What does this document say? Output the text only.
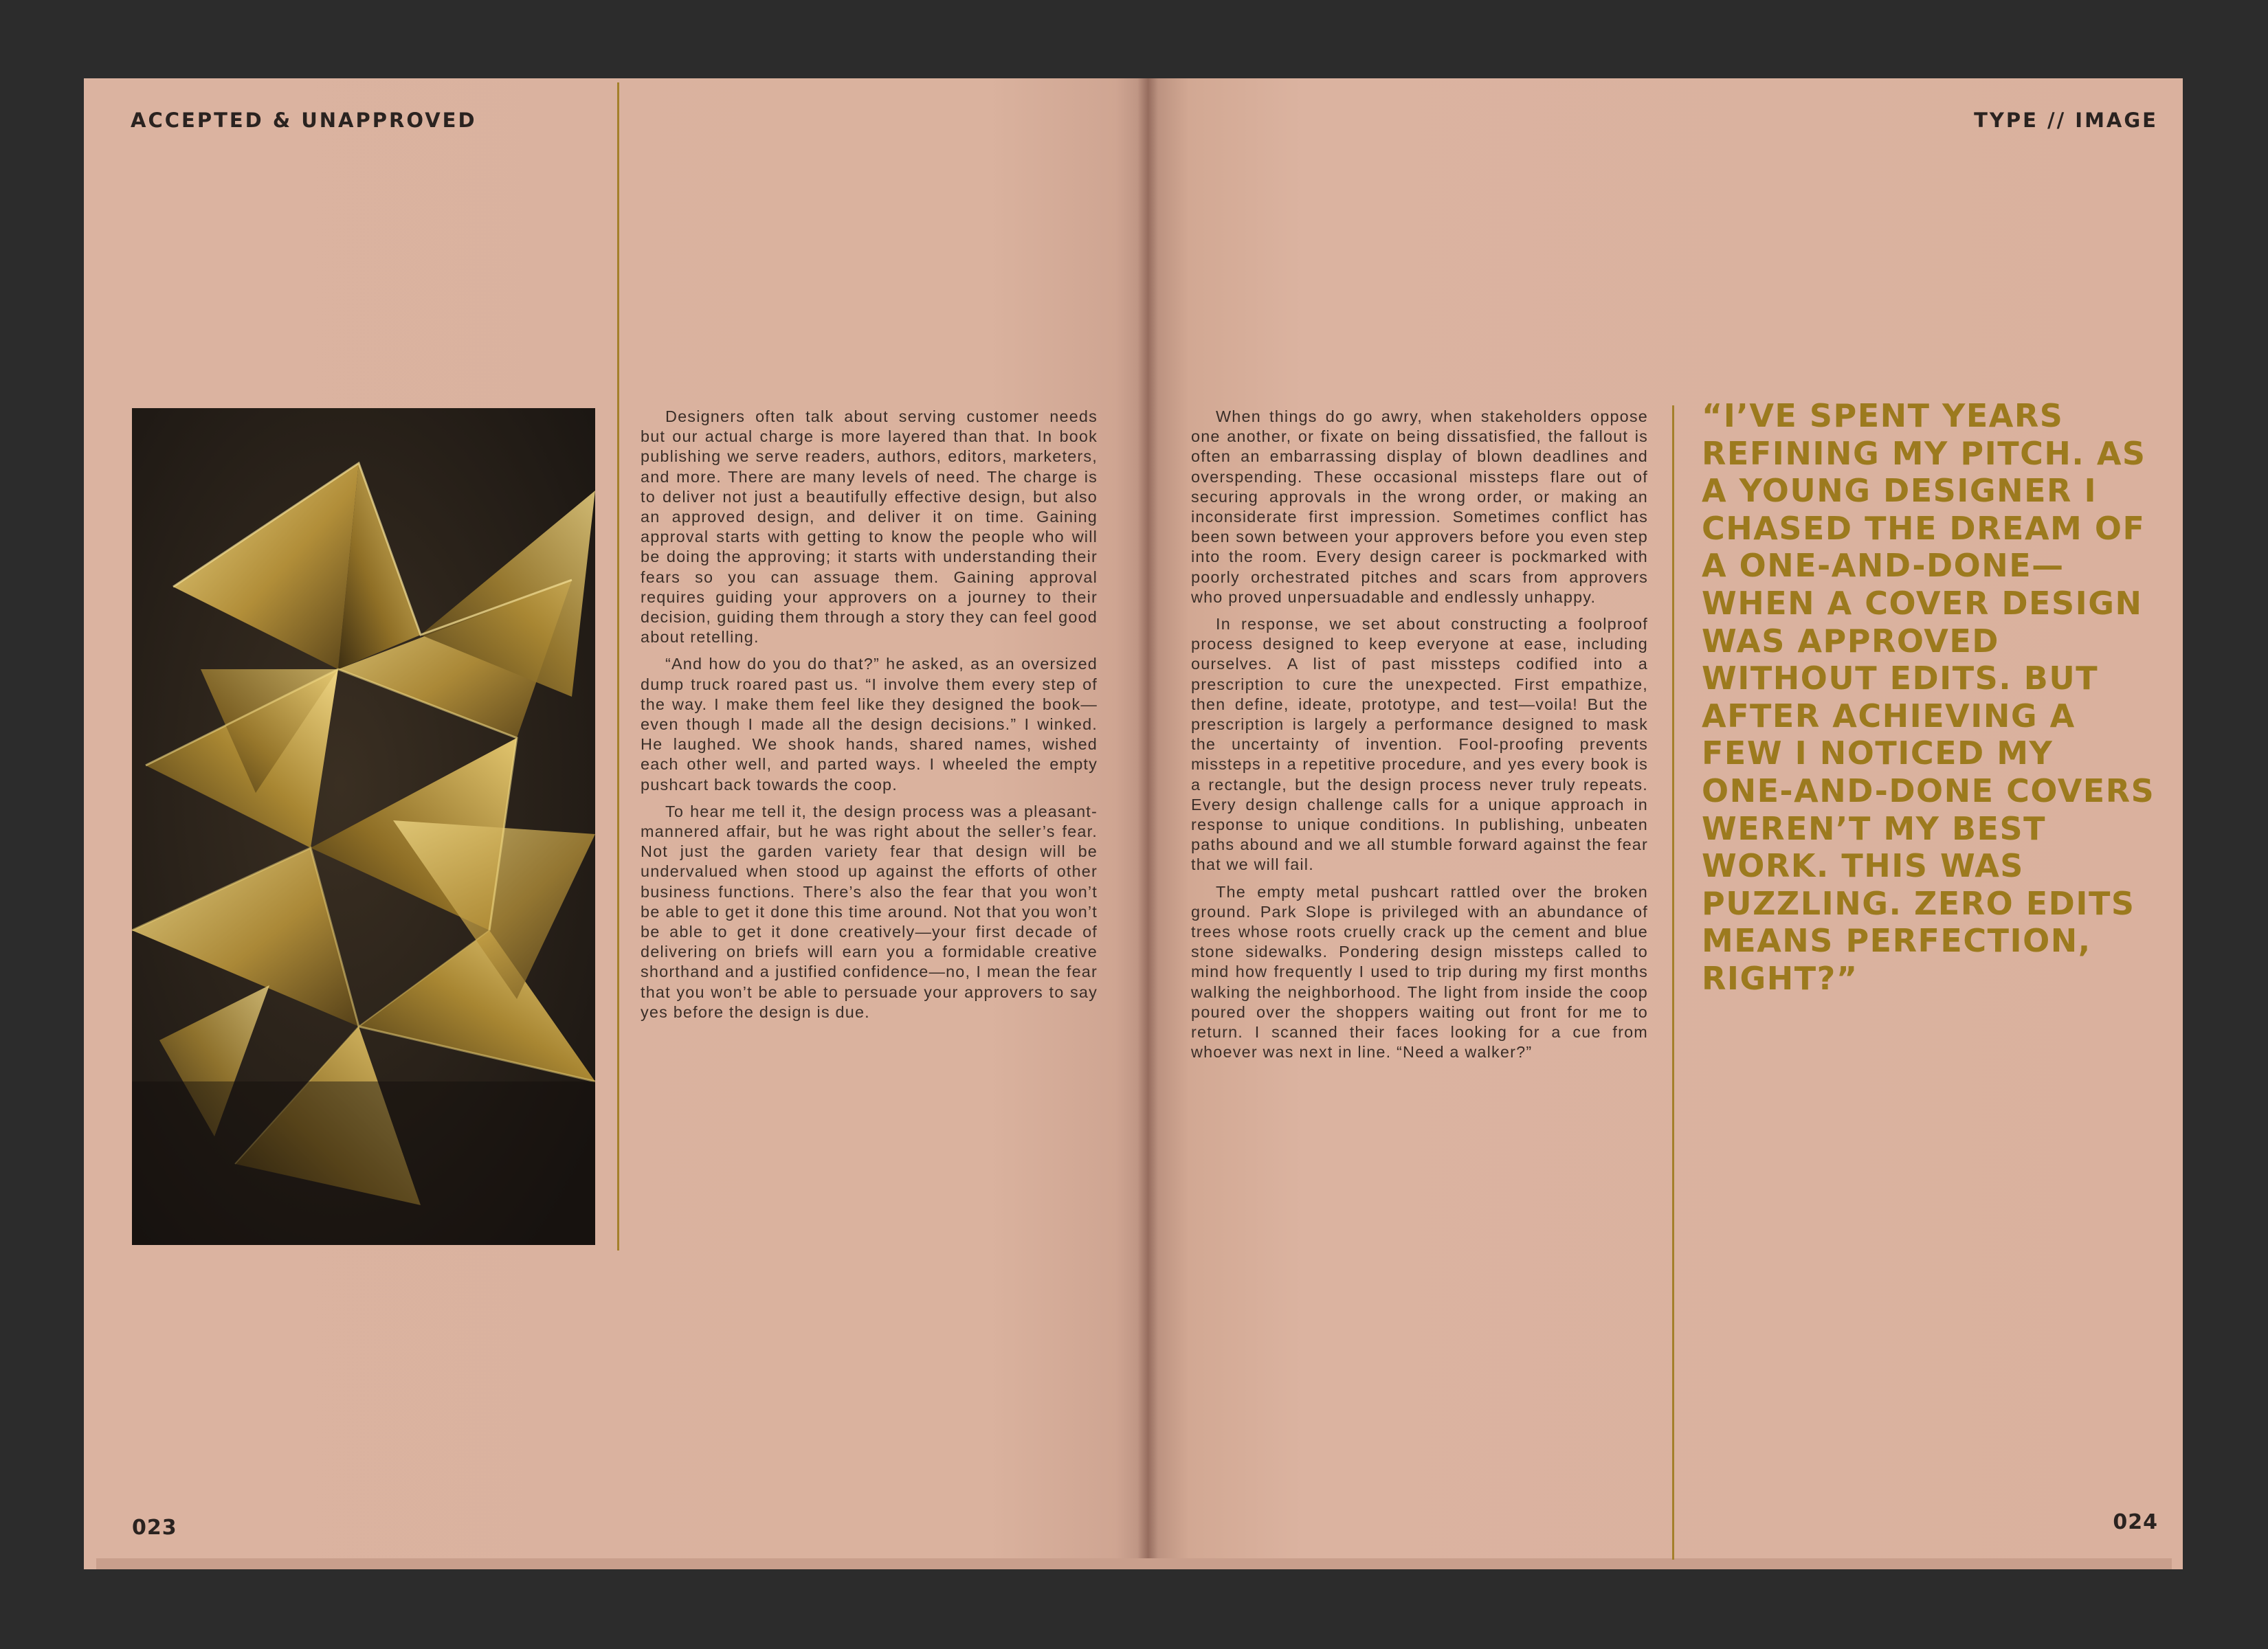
ACCEPTED & UNAPPROVED	TYPE // IMAGE

Designers often talk about serving customer needs but our actual charge is more layered than that. In book publishing we serve readers, authors, editors, marketers, and more. There are many levels of need. The charge is to deliver not just a beautifully effective design, but also an approved design, and deliver it on time. Gaining approval starts with getting to know the people who will be doing the approving; it starts with understanding their fears so you can assuage them. Gaining approval requires guiding your approvers on a journey to their decision, guiding them through a story they can feel good about retelling.

“And how do you do that?” he asked, as an oversized dump truck roared past us. “I involve them every step of the way. I make them feel like they designed the book—even though I made all the design decisions.” I winked. He laughed. We shook hands, shared names, wished each other well, and parted ways. I wheeled the empty pushcart back towards the coop.

To hear me tell it, the design process was a pleasant-mannered affair, but he was right about the seller’s fear. Not just the garden variety fear that design will be undervalued when stood up against the efforts of other business functions. There’s also the fear that you won’t be able to get it done this time around. Not that you won’t be able to get it done creatively—your first decade of delivering on briefs will earn you a formidable creative shorthand and a justified confidence—no, I mean the fear that you won’t be able to persuade your approvers to say yes before the design is due.

When things do go awry, when stakeholders oppose one another, or fixate on being dissatisfied, the fallout is often an embarrassing display of blown deadlines and overspending. These occasional missteps flare out of securing approvals in the wrong order, or making an inconsiderate first impression. Sometimes conflict has been sown between your approvers before you even step into the room. Every design career is pockmarked with poorly orchestrated pitches and scars from approvers who proved unpersuadable and endlessly unhappy.

In response, we set about constructing a foolproof process designed to keep everyone at ease, including ourselves. A list of past missteps codified into a prescription to cure the unexpected. First empathize, then define, ideate, prototype, and test—voila! But the prescription is largely a performance designed to mask the uncertainty of invention. Fool-proofing prevents missteps in a repetitive procedure, and yes every book is a rectangle, but the design process never truly repeats. Every design challenge calls for a unique approach in response to unique conditions. In publishing, unbeaten paths abound and we all stumble forward against the fear that we will fail.

The empty metal pushcart rattled over the broken ground. Park Slope is privileged with an abundance of trees whose roots cruelly crack up the cement and blue stone sidewalks. Pondering design missteps called to mind how frequently I used to trip during my first months walking the neighborhood. The light from inside the coop poured over the shoppers waiting out front for me to return. I scanned their faces looking for a cue from whoever was next in line. “Need a walker?”

“I’VE SPENT YEARS REFINING MY PITCH. AS A YOUNG DESIGNER I CHASED THE DREAM OF A ONE-AND-DONE—WHEN A COVER DESIGN WAS APPROVED WITHOUT EDITS. BUT AFTER ACHIEVING A FEW I NOTICED MY ONE-AND-DONE COVERS WEREN’T MY BEST WORK. THIS WAS PUZZLING. ZERO EDITS MEANS PERFECTION, RIGHT?”
023	024
